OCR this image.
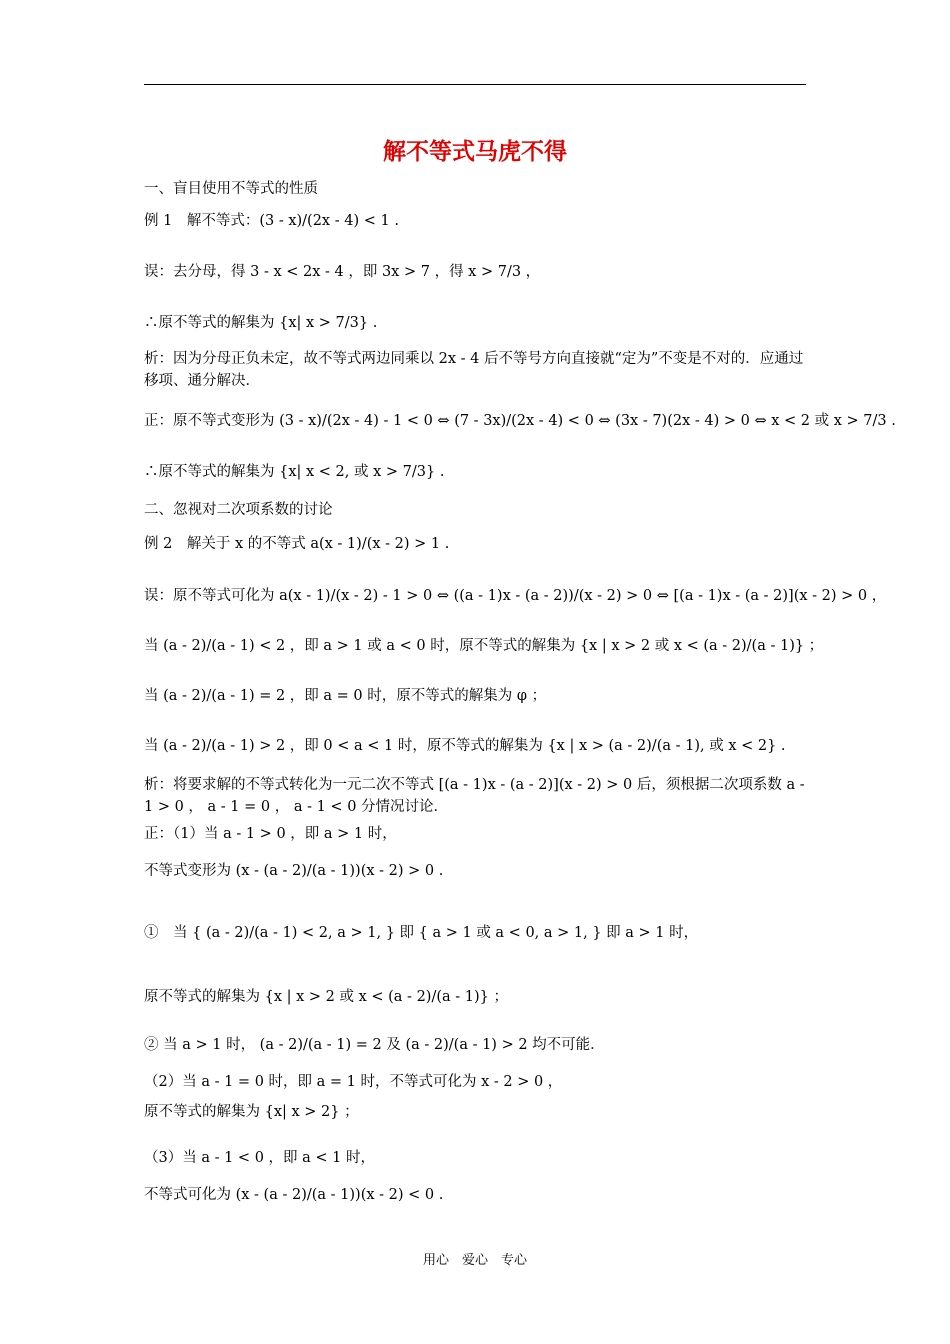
解不等式马虎不得
一、盲目使用不等式的性质
例 1　解不等式：(3 - x)/(2x - 4) < 1 .
误：去分母，得 3 - x < 2x - 4 ，即 3x > 7 ，得 x > 7/3 ，
∴原不等式的解集为 {x| x > 7/3} .
析：因为分母正负未定，故不等式两边同乘以 2x - 4 后不等号方向直接就“定为”不变是不对的．应通过移项、通分解决．
正：原不等式变形为 (3 - x)/(2x - 4) - 1 < 0 ⇔ (7 - 3x)/(2x - 4) < 0 ⇔ (3x - 7)(2x - 4) > 0 ⇔ x < 2 或 x > 7/3 .
∴原不等式的解集为 {x| x < 2, 或 x > 7/3} .
二、忽视对二次项系数的讨论
例 2　解关于 x 的不等式 a(x - 1)/(x - 2) > 1 .
误：原不等式可化为 a(x - 1)/(x - 2) - 1 > 0 ⇔ ((a - 1)x - (a - 2))/(x - 2) > 0 ⇔ [(a - 1)x - (a - 2)](x - 2) > 0 ，
当 (a - 2)/(a - 1) < 2 ，即 a > 1 或 a < 0 时，原不等式的解集为 {x | x > 2 或 x < (a - 2)/(a - 1)} ；
当 (a - 2)/(a - 1) = 2 ，即 a = 0 时，原不等式的解集为 φ ；
当 (a - 2)/(a - 1) > 2 ，即 0 < a < 1 时，原不等式的解集为 {x | x > (a - 2)/(a - 1), 或 x < 2} .
析：将要求解的不等式转化为一元二次不等式 [(a - 1)x - (a - 2)](x - 2) > 0 后，须根据二次项系数 a - 1 > 0 ， a - 1 = 0 ， a - 1 < 0 分情况讨论．
正：（1）当 a - 1 > 0 ，即 a > 1 时，
不等式变形为 (x - (a - 2)/(a - 1))(x - 2) > 0 .
①　当 { (a - 2)/(a - 1) < 2, a > 1, } 即 { a > 1 或 a < 0, a > 1, } 即 a > 1 时，
原不等式的解集为 {x | x > 2 或 x < (a - 2)/(a - 1)} ；
② 当 a > 1 时， (a - 2)/(a - 1) = 2 及 (a - 2)/(a - 1) > 2 均不可能．
（2）当 a - 1 = 0 时，即 a = 1 时，不等式可化为 x - 2 > 0 ，
原不等式的解集为 {x| x > 2} ；
（3）当 a - 1 < 0 ，即 a < 1 时，
不等式可化为 (x - (a - 2)/(a - 1))(x - 2) < 0 .
用心　爱心　专心
